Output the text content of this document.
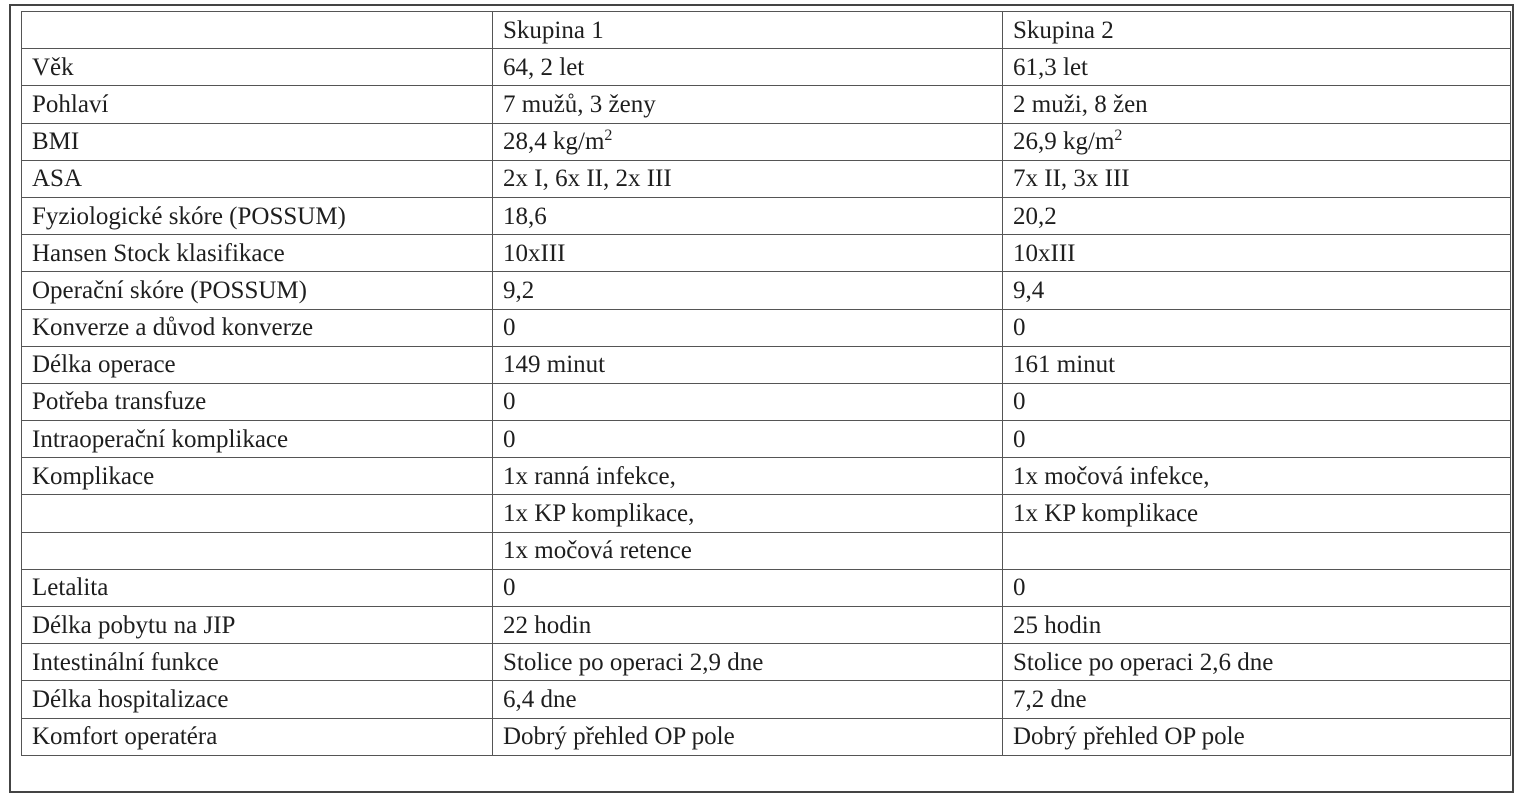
	Skupina 1	Skupina 2
Věk	64, 2 let	61,3 let
Pohlaví	7 mužů, 3 ženy	2 muži, 8 žen
BMI	28,4 $kg/m^2$	26,9 $kg/m^2$
ASA	2x I, 6x II, 2x III	7x II, 3x III
Fyziologické skóre (POSSUM)	18,6	20,2
Hansen Stock klasifikace	10xIII	10xIII
Operační skóre (POSSUM)	9,2	9,4
Konverze a důvod konverze	0	0
Délka operace	149 minut	161 minut
Potřeba transfuze	0	0
Intraoperační komplikace	0	0
Komplikace	1x ranná infekce,	1x močová infekce,
	1x KP komplikace,	1x KP komplikace
	1x močová retence	
Letalita	0	0
Délka pobytu na JIP	22 hodin	25 hodin
Intestinální funkce	Stolice po operaci 2,9 dne	Stolice po operaci 2,6 dne
Délka hospitalizace	6,4 dne	7,2 dne
Komfort operatéra	Dobrý přehled OP pole	Dobrý přehled OP pole
